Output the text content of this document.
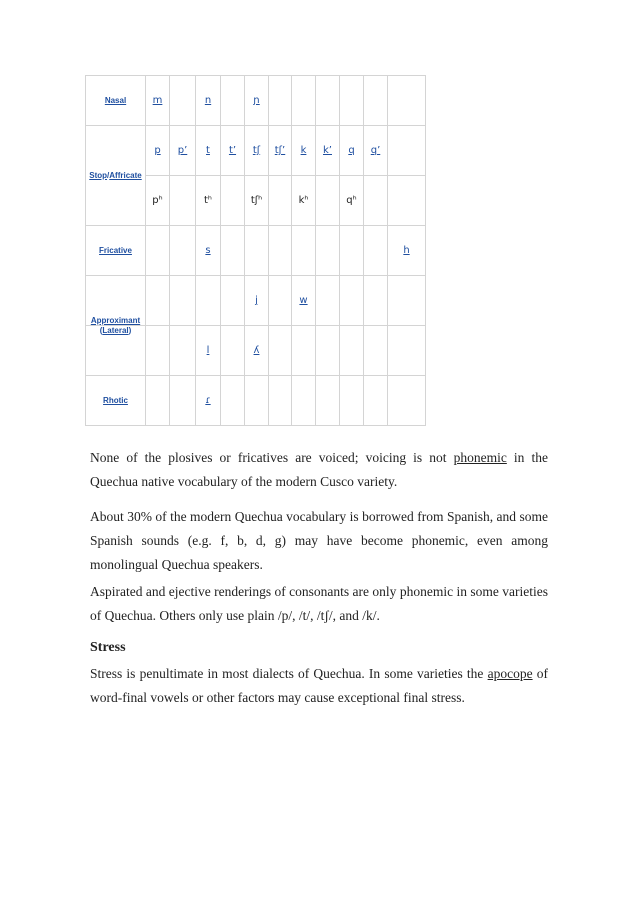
Nasal	m		n		ɲ						
Stop/Affricate	p	p’	t	t’	tʃ	tʃ’	k	k’	q	q’	
	pʰ		tʰ		tʃʰ		kʰ		qʰ		
Fricative			s								h
Approximant					j		w				
(Lateral)			l		ʎ						
Rhotic			ɾ								

None of the plosives or fricatives are voiced; voicing is not phonemic in the Quechua native vocabulary of the modern Cusco variety.

About 30% of the modern Quechua vocabulary is borrowed from Spanish, and some Spanish sounds (e.g. f, b, d, g) may have become phonemic, even among monolingual Quechua speakers.

Aspirated and ejective renderings of consonants are only phonemic in some varieties of Quechua. Others only use plain /p/, /t/, /tʃ/, and /k/.

Stress

Stress is penultimate in most dialects of Quechua. In some varieties the apocope of word-final vowels or other factors may cause exceptional final stress.
